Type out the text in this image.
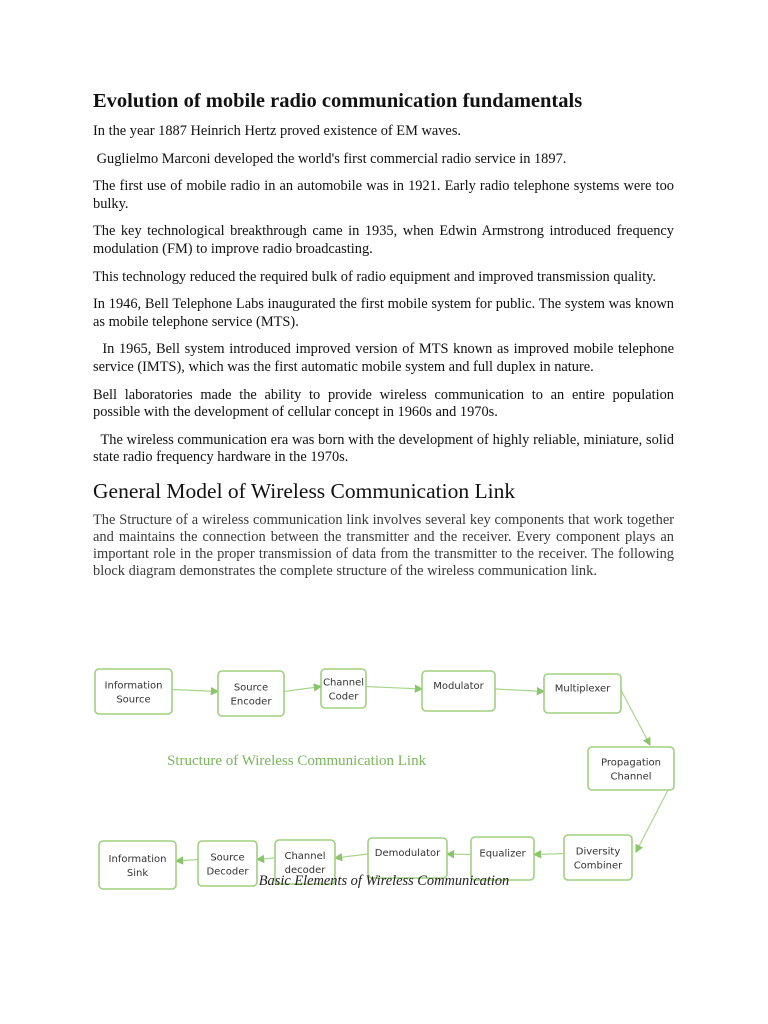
Evolution of mobile radio communication fundamentals

In the year 1887 Heinrich Hertz proved existence of EM waves.

Guglielmo Marconi developed the world's first commercial radio service in 1897.

The first use of mobile radio in an automobile was in 1921. Early radio telephone systems were too bulky.

The key technological breakthrough came in 1935, when Edwin Armstrong introduced frequency modulation (FM) to improve radio broadcasting.

This technology reduced the required bulk of radio equipment and improved transmission quality.

In 1946, Bell Telephone Labs inaugurated the first mobile system for public. The system was known as mobile telephone service (MTS).

In 1965, Bell system introduced improved version of MTS known as improved mobile telephone service (IMTS), which was the first automatic mobile system and full duplex in nature.

Bell laboratories made the ability to provide wireless communication to an entire population possible with the development of cellular concept in 1960s and 1970s.

The wireless communication era was born with the development of highly reliable, miniature, solid state radio frequency hardware in the 1970s.

General Model of Wireless Communication Link

The Structure of a wireless communication link involves several key components that work together and maintains the connection between the transmitter and the receiver. Every component plays an important role in the proper transmission of data from the transmitter to the receiver. The following block diagram demonstrates the complete structure of the wireless communication link.

Information
Source
Source
Encoder
Channel
Coder
Modulator	Multiplexer
Propagation
Channel
Diversity
Combiner
Equalizer
Demodulator
Channel
decoder
Source
Decoder
Information
Sink
Structure of Wireless Communication Link
Basic Elements of Wireless Communication
